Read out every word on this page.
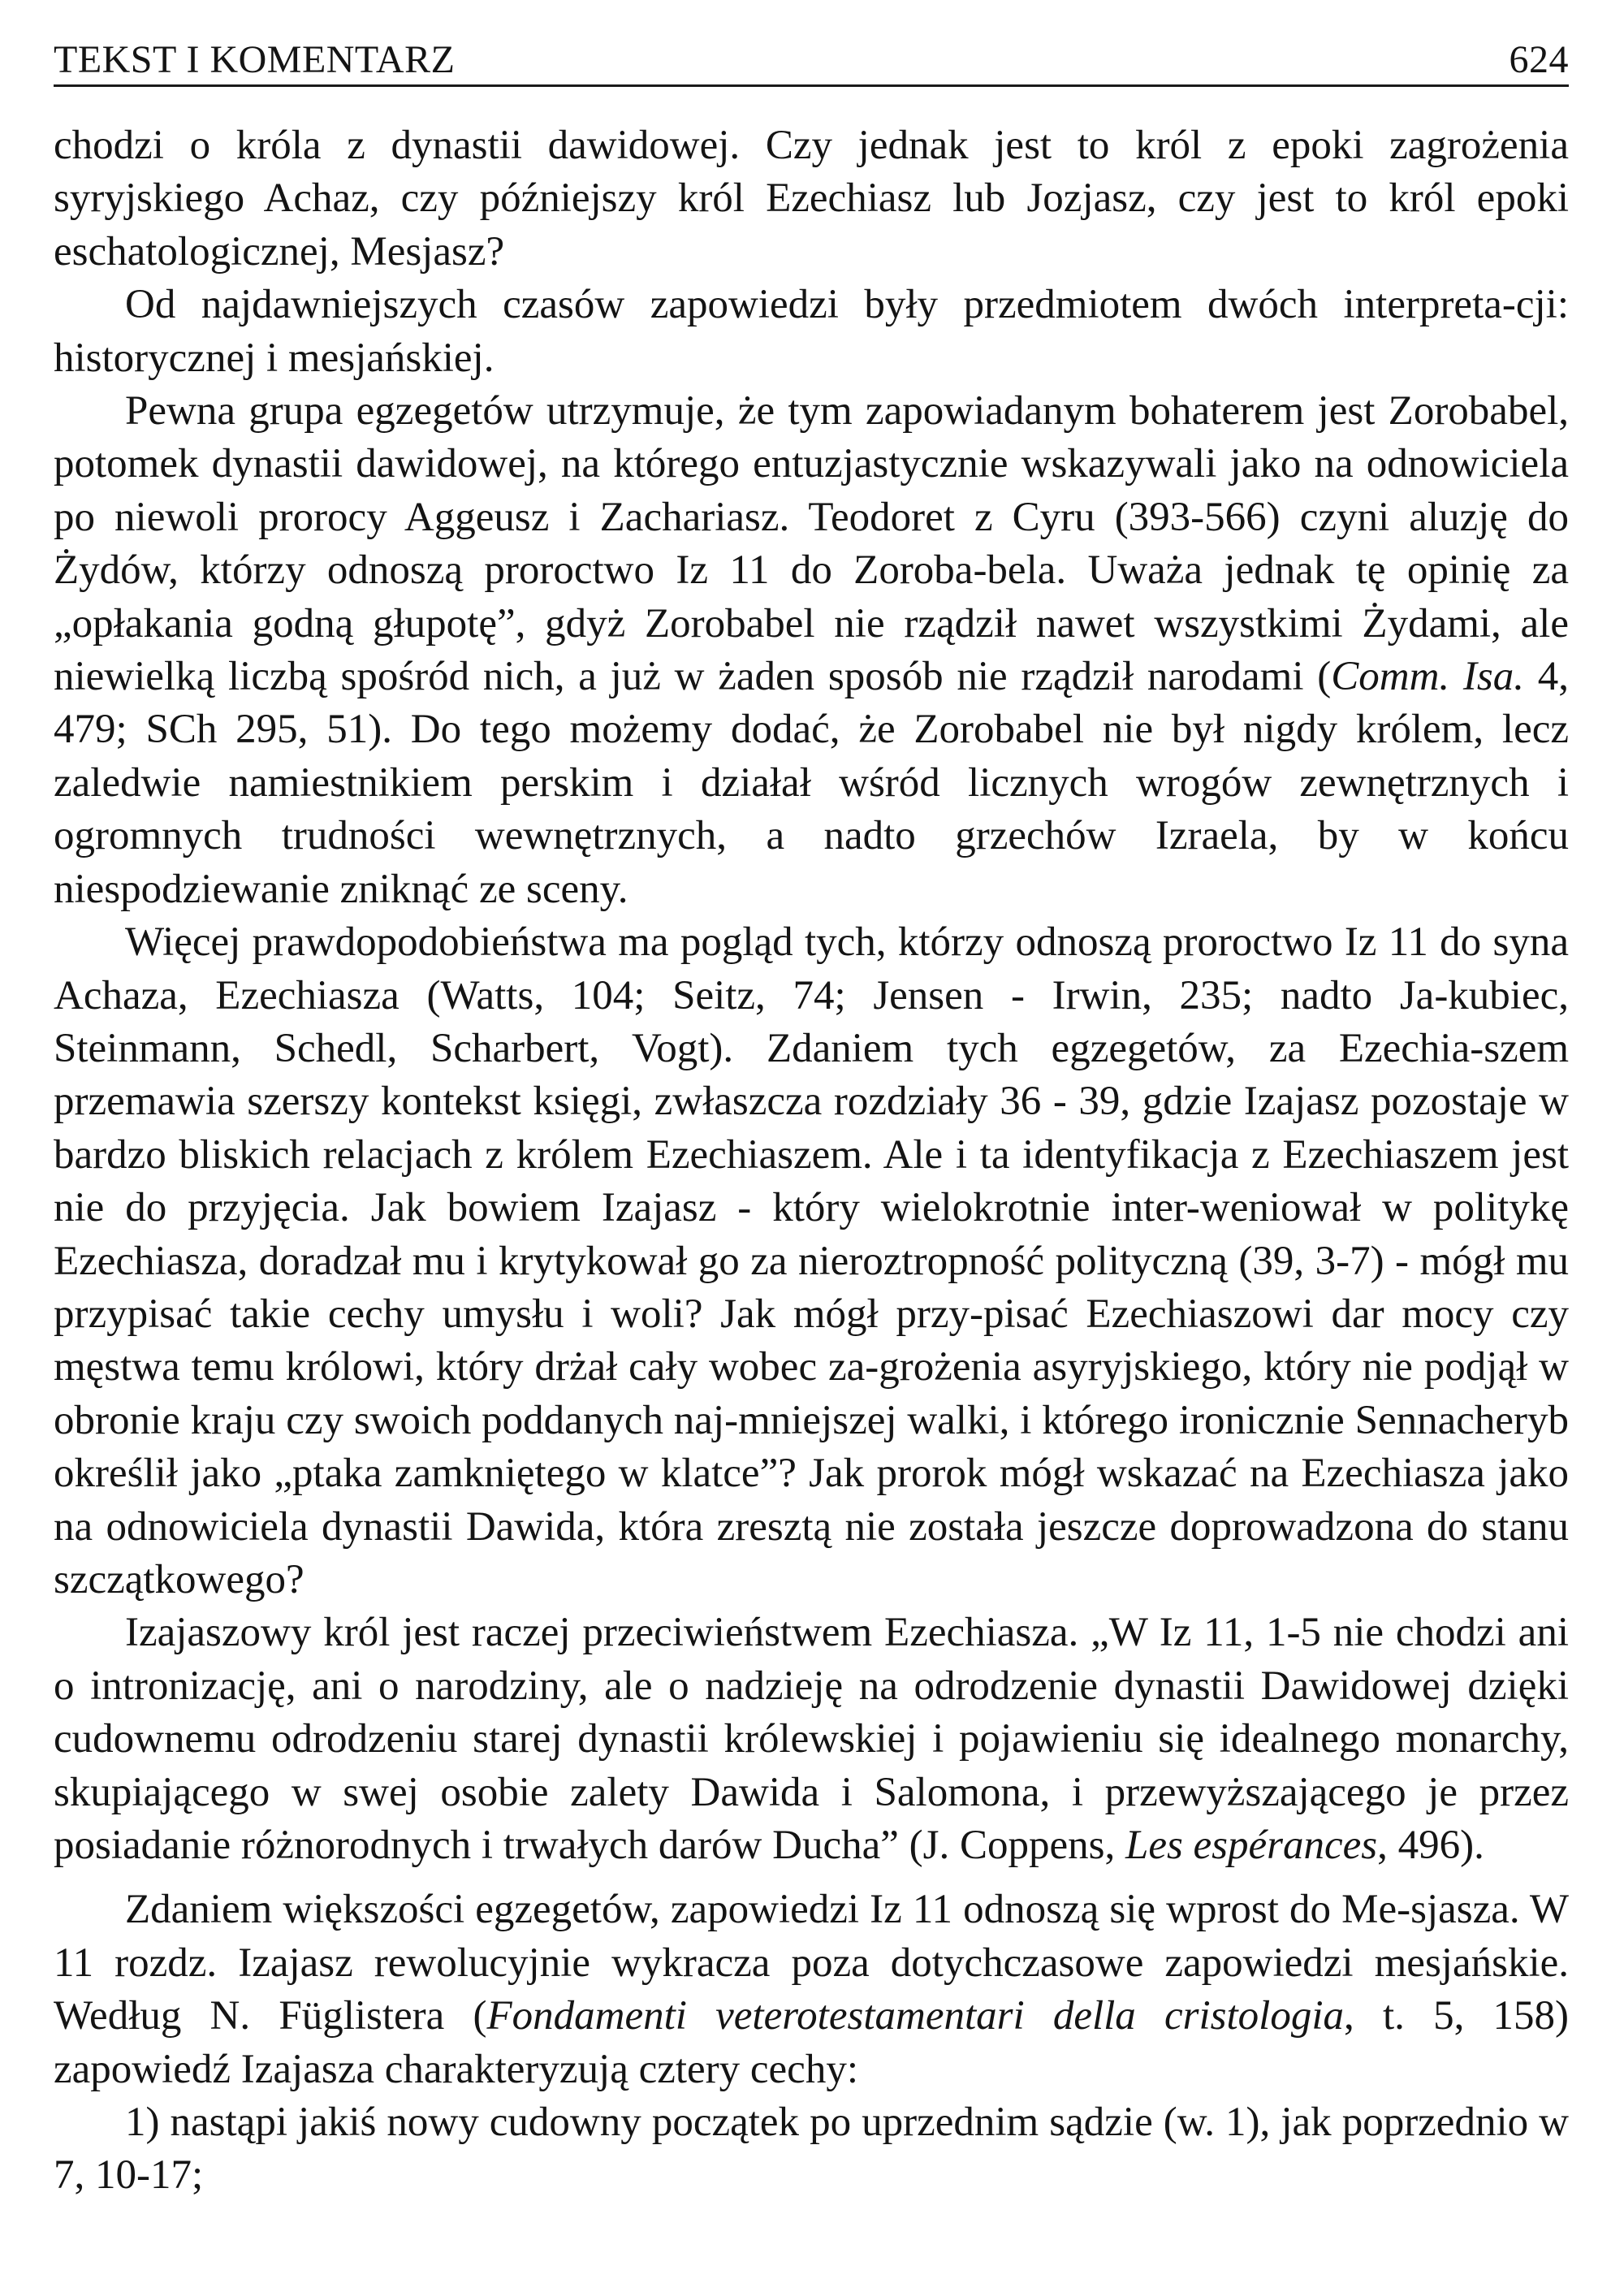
TEKST I KOMENTARZ	624

chodzi o króla z dynastii dawidowej. Czy jednak jest to król z epoki zagrożenia syryjskiego Achaz, czy późniejszy król Ezechiasz lub Jozjasz, czy jest to król epoki eschatologicznej, Mesjasz?

Od najdawniejszych czasów zapowiedzi były przedmiotem dwóch interpreta-cji: historycznej i mesjańskiej.

Pewna grupa egzegetów utrzymuje, że tym zapowiadanym bohaterem jest Zorobabel, potomek dynastii dawidowej, na którego entuzjastycznie wskazywali jako na odnowiciela po niewoli prorocy Aggeusz i Zachariasz. Teodoret z Cyru (393-566) czyni aluzję do Żydów, którzy odnoszą proroctwo Iz 11 do Zoroba-bela. Uważa jednak tę opinię za „opłakania godną głupotę”, gdyż Zorobabel nie rządził nawet wszystkimi Żydami, ale niewielką liczbą spośród nich, a już w żaden sposób nie rządził narodami (Comm. Isa. 4, 479; SCh 295, 51). Do tego możemy dodać, że Zorobabel nie był nigdy królem, lecz zaledwie namiestnikiem perskim i działał wśród licznych wrogów zewnętrznych i ogromnych trudności wewnętrznych, a nadto grzechów Izraela, by w końcu niespodziewanie zniknąć ze sceny.

Więcej prawdopodobieństwa ma pogląd tych, którzy odnoszą proroctwo Iz 11 do syna Achaza, Ezechiasza (Watts, 104; Seitz, 74; Jensen - Irwin, 235; nadto Ja-kubiec, Steinmann, Schedl, Scharbert, Vogt). Zdaniem tych egzegetów, za Ezechia-szem przemawia szerszy kontekst księgi, zwłaszcza rozdziały 36 - 39, gdzie Izajasz pozostaje w bardzo bliskich relacjach z królem Ezechiaszem. Ale i ta identyfikacja z Ezechiaszem jest nie do przyjęcia. Jak bowiem Izajasz - który wielokrotnie inter-weniował w politykę Ezechiasza, doradzał mu i krytykował go za nieroztropność polityczną (39, 3-7) - mógł mu przypisać takie cechy umysłu i woli? Jak mógł przy-pisać Ezechiaszowi dar mocy czy męstwa temu królowi, który drżał cały wobec za-grożenia asyryjskiego, który nie podjął w obronie kraju czy swoich poddanych naj-mniejszej walki, i którego ironicznie Sennacheryb określił jako „ptaka zamkniętego w klatce”? Jak prorok mógł wskazać na Ezechiasza jako na odnowiciela dynastii Dawida, która zresztą nie została jeszcze doprowadzona do stanu szczątkowego?

Izajaszowy król jest raczej przeciwieństwem Ezechiasza. „W Iz 11, 1-5 nie chodzi ani o intronizację, ani o narodziny, ale o nadzieję na odrodzenie dynastii Dawidowej dzięki cudownemu odrodzeniu starej dynastii królewskiej i pojawieniu się idealnego monarchy, skupiającego w swej osobie zalety Dawida i Salomona, i przewyższającego je przez posiadanie różnorodnych i trwałych darów Ducha” (J. Coppens, Les espérances, 496).

Zdaniem większości egzegetów, zapowiedzi Iz 11 odnoszą się wprost do Me-sjasza. W 11 rozdz. Izajasz rewolucyjnie wykracza poza dotychczasowe zapowiedzi mesjańskie. Według N. Füglistera (Fondamenti veterotestamentari della cristologia, t. 5, 158) zapowiedź Izajasza charakteryzują cztery cechy:

1) nastąpi jakiś nowy cudowny początek po uprzednim sądzie (w. 1), jak poprzednio w 7, 10-17;
